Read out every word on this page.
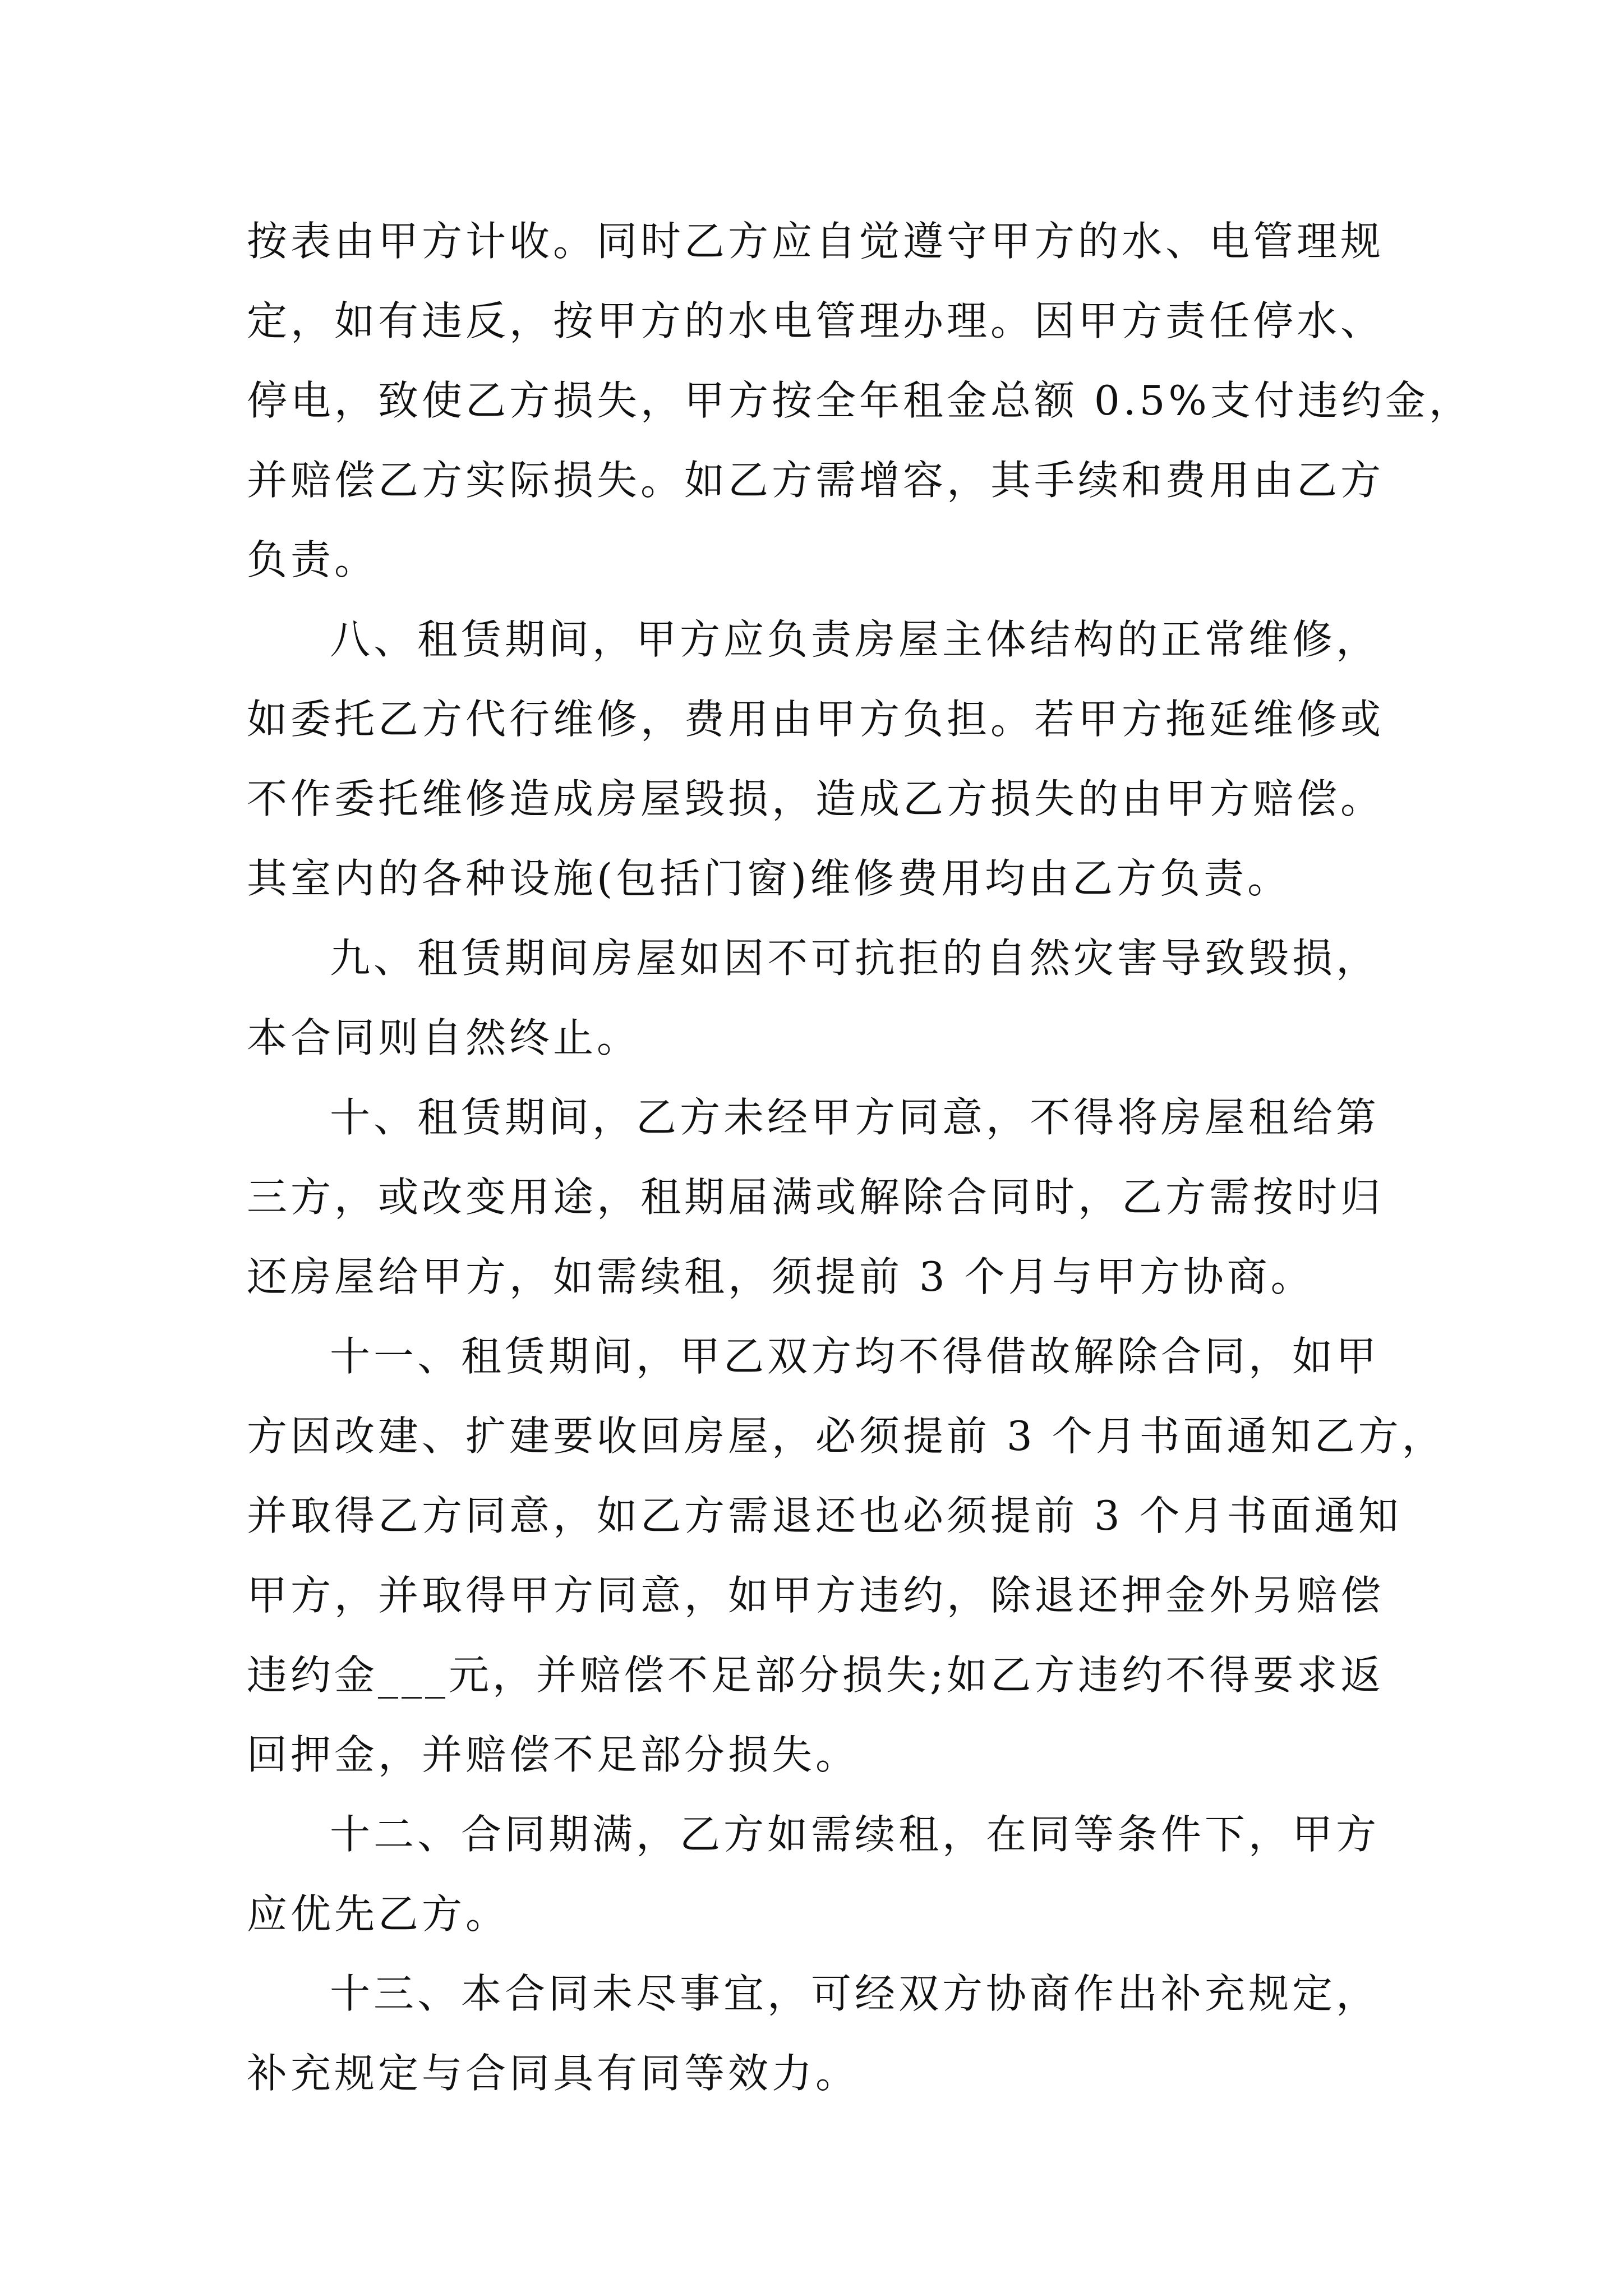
按表由甲方计收。同时乙方应自觉遵守甲方的水、电管理规
定，如有违反，按甲方的水电管理办理。因甲方责任停水、
停电，致使乙方损失，甲方按全年租金总额 0.5%支付违约金，
并赔偿乙方实际损失。如乙方需增容，其手续和费用由乙方
负责。
八、租赁期间，甲方应负责房屋主体结构的正常维修，
如委托乙方代行维修，费用由甲方负担。若甲方拖延维修或
不作委托维修造成房屋毁损，造成乙方损失的由甲方赔偿。
其室内的各种设施(包括门窗)维修费用均由乙方负责。
九、租赁期间房屋如因不可抗拒的自然灾害导致毁损，
本合同则自然终止。
十、租赁期间，乙方未经甲方同意，不得将房屋租给第
三方，或改变用途，租期届满或解除合同时，乙方需按时归
还房屋给甲方，如需续租，须提前 3 个月与甲方协商。
十一、租赁期间，甲乙双方均不得借故解除合同，如甲
方因改建、扩建要收回房屋，必须提前 3 个月书面通知乙方，
并取得乙方同意，如乙方需退还也必须提前 3 个月书面通知
甲方，并取得甲方同意，如甲方违约，除退还押金外另赔偿
违约金___元，并赔偿不足部分损失;如乙方违约不得要求返
回押金，并赔偿不足部分损失。
十二、合同期满，乙方如需续租，在同等条件下，甲方
应优先乙方。
十三、本合同未尽事宜，可经双方协商作出补充规定，
补充规定与合同具有同等效力。
